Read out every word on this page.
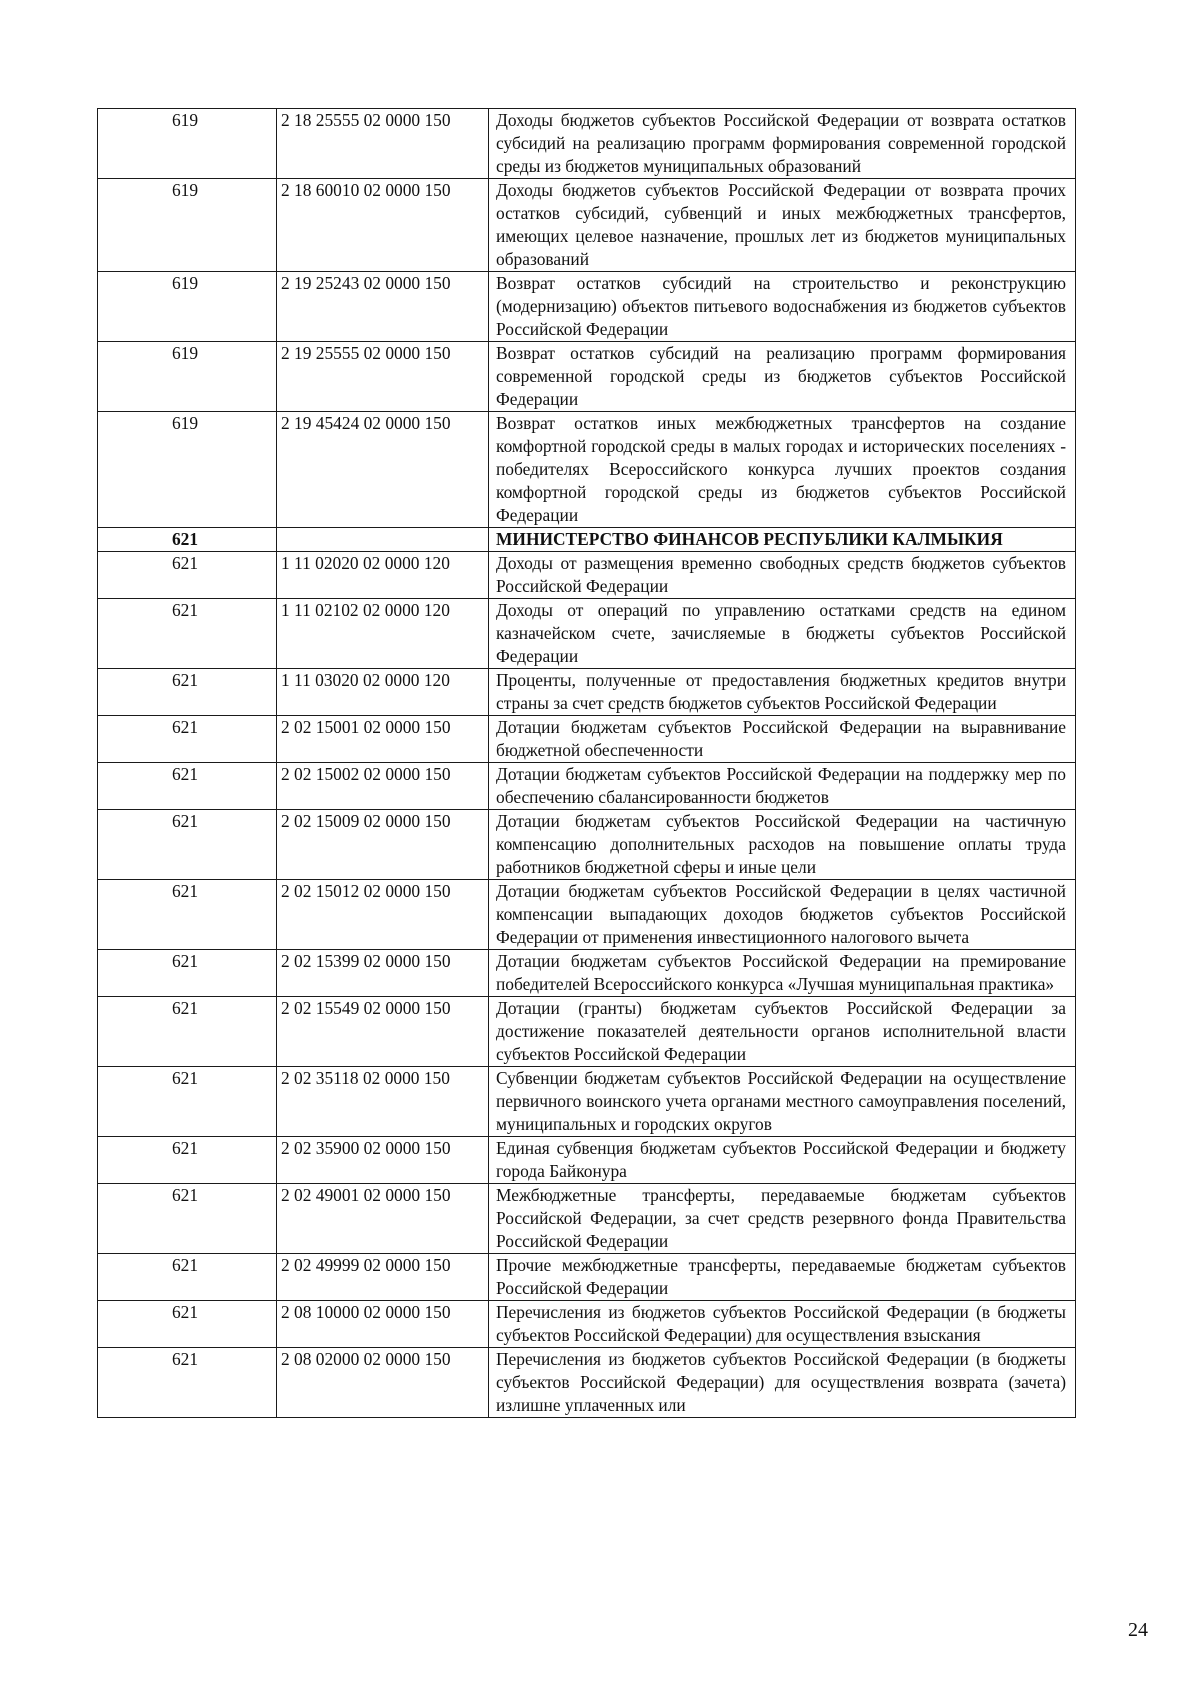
619	2 18 25555 02 0000 150	Доходы бюджетов субъектов Российской Федерации от возврата остатков субсидий на реализацию программ формирования современной городской среды из бюджетов муниципальных образований
619	2 18 60010 02 0000 150	Доходы бюджетов субъектов Российской Федерации от возврата прочих остатков субсидий, субвенций и иных межбюджетных трансфертов, имеющих целевое назначение, прошлых лет из бюджетов муниципальных образований
619	2 19 25243 02 0000 150	Возврат остатков субсидий на строительство и реконструкцию (модернизацию) объектов питьевого водоснабжения из бюджетов субъектов Российской Федерации
619	2 19 25555 02 0000 150	Возврат остатков субсидий на реализацию программ формирования современной городской среды из бюджетов субъектов Российской Федерации
619	2 19 45424 02 0000 150	Возврат остатков иных межбюджетных трансфертов на создание комфортной городской среды в малых городах и исторических поселениях - победителях Всероссийского конкурса лучших проектов создания комфортной городской среды из бюджетов субъектов Российской Федерации
621		МИНИСТЕРСТВО ФИНАНСОВ РЕСПУБЛИКИ КАЛМЫКИЯ
621	1 11 02020 02 0000 120	Доходы от размещения временно свободных средств бюджетов субъектов Российской Федерации
621	1 11 02102 02 0000 120	Доходы от операций по управлению остатками средств на едином казначейском счете, зачисляемые в бюджеты субъектов Российской Федерации
621	1 11 03020 02 0000 120	Проценты, полученные от предоставления бюджетных кредитов внутри страны за счет средств бюджетов субъектов Российской Федерации
621	2 02 15001 02 0000 150	Дотации бюджетам субъектов Российской Федерации на выравнивание бюджетной обеспеченности
621	2 02 15002 02 0000 150	Дотации бюджетам субъектов Российской Федерации на поддержку мер по обеспечению сбалансированности бюджетов
621	2 02 15009 02 0000 150	Дотации бюджетам субъектов Российской Федерации на частичную компенсацию дополнительных расходов на повышение оплаты труда работников бюджетной сферы и иные цели
621	2 02 15012 02 0000 150	Дотации бюджетам субъектов Российской Федерации в целях частичной компенсации выпадающих доходов бюджетов субъектов Российской Федерации от применения инвестиционного налогового вычета
621	2 02 15399 02 0000 150	Дотации бюджетам субъектов Российской Федерации на премирование победителей Всероссийского конкурса «Лучшая муниципальная практика»
621	2 02 15549 02 0000 150	Дотации (гранты) бюджетам субъектов Российской Федерации за достижение показателей деятельности органов исполнительной власти субъектов Российской Федерации
621	2 02 35118 02 0000 150	Субвенции бюджетам субъектов Российской Федерации на осуществление первичного воинского учета органами местного самоуправления поселений, муниципальных и городских округов
621	2 02 35900 02 0000 150	Единая субвенция бюджетам субъектов Российской Федерации и бюджету города Байконура
621	2 02 49001 02 0000 150	Межбюджетные трансферты, передаваемые бюджетам субъектов Российской Федерации, за счет средств резервного фонда Правительства Российской Федерации
621	2 02 49999 02 0000 150	Прочие межбюджетные трансферты, передаваемые бюджетам субъектов Российской Федерации
621	2 08 10000 02 0000 150	Перечисления из бюджетов субъектов Российской Федерации (в бюджеты субъектов Российской Федерации) для осуществления взыскания
621	2 08 02000 02 0000 150	Перечисления из бюджетов субъектов Российской Федерации (в бюджеты субъектов Российской Федерации) для осуществления возврата (зачета) излишне уплаченных или
24
